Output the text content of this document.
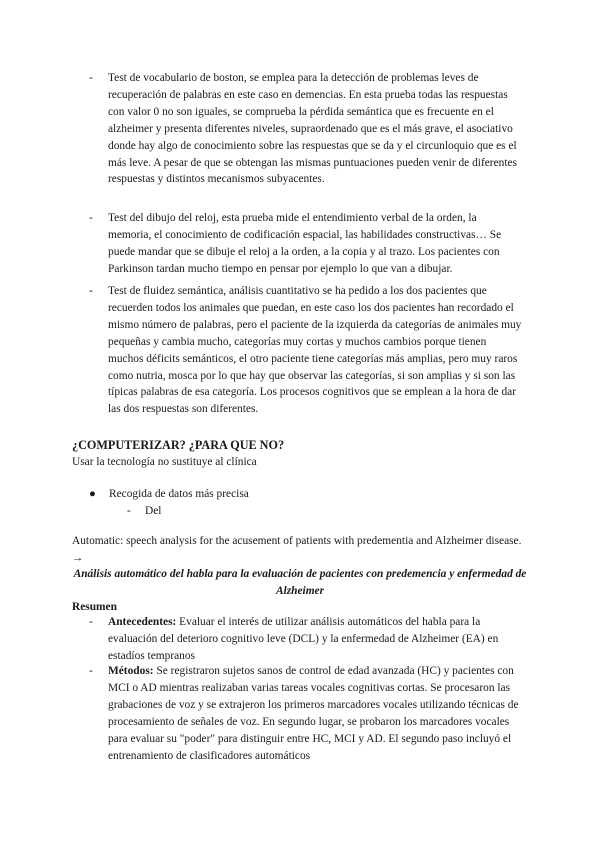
-	Test de vocabulario de boston, se emplea para la detección de problemas leves de recuperación de palabras en este caso en demencias. En esta prueba todas las respuestas con valor 0 no son iguales, se comprueba la pérdida semántica que es frecuente en el alzheimer y presenta diferentes niveles, supraordenado que es el más grave, el asociativo donde hay algo de conocimiento sobre las respuestas que se da y el circunloquio que es el más leve. A pesar de que se obtengan las mismas puntuaciones pueden venir de diferentes respuestas y distintos mecanismos subyacentes.
-	Test del dibujo del reloj, esta prueba mide el entendimiento verbal de la orden, la memoria, el conocimiento de codificación espacial, las habilidades constructivas… Se puede mandar que se dibuje el reloj a la orden, a la copia y al trazo. Los pacientes con Parkinson tardan mucho tiempo en pensar por ejemplo lo que van a dibujar.
-	Test de fluidez semántica, análisis cuantitativo se ha pedido a los dos pacientes que recuerden todos los animales que puedan, en este caso los dos pacientes han recordado el mismo número de palabras, pero el paciente de la izquierda da categorías de animales muy pequeñas y cambia mucho, categorías muy cortas y muchos cambios porque tienen muchos déficits semánticos, el otro paciente tiene categorías más amplias, pero muy raros como nutria, mosca por lo que hay que observar las categorías, si son amplias y si son las típicas palabras de esa categoría. Los procesos cognitivos que se emplean a la hora de dar las dos respuestas son diferentes.
¿COMPUTERIZAR? ¿PARA QUE NO?
Usar la tecnología no sustituye al clínica
● Recogida de datos más precisa
- Del
Automatic: speech analysis for the acusement of patients with predementia and Alzheimer disease. →
Análisis automático del habla para la evaluación de pacientes con predemencia y enfermedad de Alzheimer
Resumen
-	Antecedentes: Evaluar el interés de utilizar análisis automáticos del habla para la evaluación del deterioro cognitivo leve (DCL) y la enfermedad de Alzheimer (EA) en estadíos tempranos
-	Métodos: Se registraron sujetos sanos de control de edad avanzada (HC) y pacientes con MCI o AD mientras realizaban varias tareas vocales cognitivas cortas. Se procesaron las grabaciones de voz y se extrajeron los primeros marcadores vocales utilizando técnicas de procesamiento de señales de voz. En segundo lugar, se probaron los marcadores vocales para evaluar su "poder" para distinguir entre HC, MCI y AD. El segundo paso incluyó el entrenamiento de clasificadores automáticos
